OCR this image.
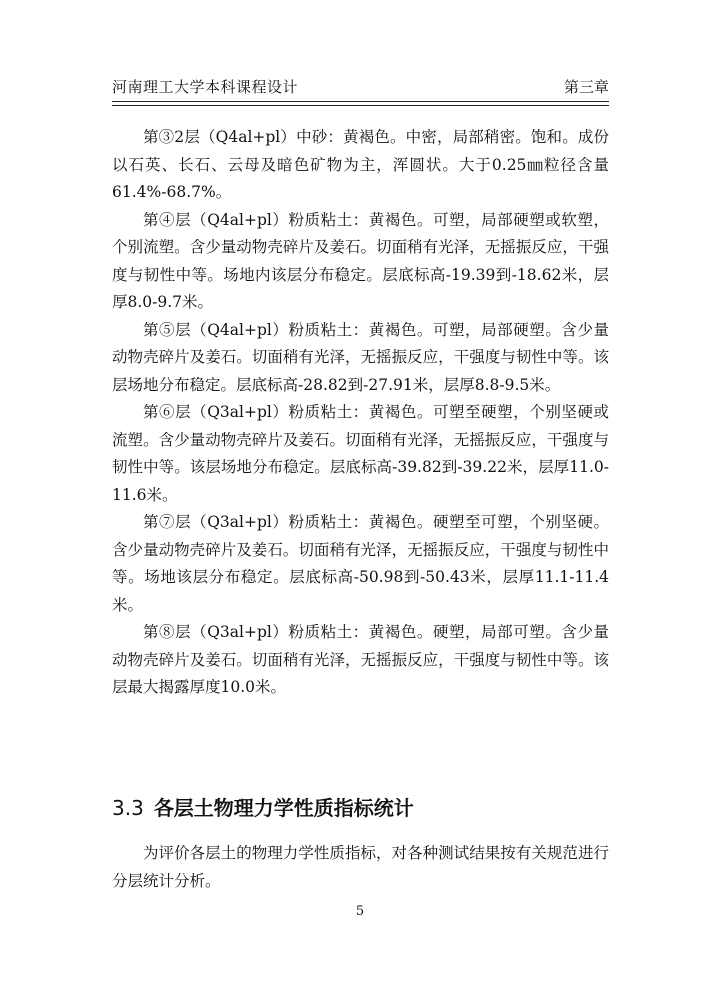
河南理工大学本科课程设计	第三章

第③2层（Q4al+pl）中砂：黄褐色。中密，局部稍密。饱和。成份以石英、长石、云母及暗色矿物为主，浑圆状。大于0.25㎜粒径含量61.4%-68.7%。

第④层（Q4al+pl）粉质粘土：黄褐色。可塑，局部硬塑或软塑，个别流塑。含少量动物壳碎片及姜石。切面稍有光泽，无摇振反应，干强度与韧性中等。场地内该层分布稳定。层底标高-19.39到-18.62米，层厚8.0-9.7米。

第⑤层（Q4al+pl）粉质粘土：黄褐色。可塑，局部硬塑。含少量动物壳碎片及姜石。切面稍有光泽，无摇振反应，干强度与韧性中等。该层场地分布稳定。层底标高-28.82到-27.91米，层厚8.8-9.5米。

第⑥层（Q3al+pl）粉质粘土：黄褐色。可塑至硬塑，个别坚硬或流塑。含少量动物壳碎片及姜石。切面稍有光泽，无摇振反应，干强度与韧性中等。该层场地分布稳定。层底标高-39.82到-39.22米，层厚11.0-11.6米。

第⑦层（Q3al+pl）粉质粘土：黄褐色。硬塑至可塑，个别坚硬。含少量动物壳碎片及姜石。切面稍有光泽，无摇振反应，干强度与韧性中等。场地该层分布稳定。层底标高-50.98到-50.43米，层厚11.1-11.4米。

第⑧层（Q3al+pl）粉质粘土：黄褐色。硬塑，局部可塑。含少量动物壳碎片及姜石。切面稍有光泽，无摇振反应，干强度与韧性中等。该层最大揭露厚度10.0米。

3.3 各层土物理力学性质指标统计

为评价各层土的物理力学性质指标，对各种测试结果按有关规范进行分层统计分析。

5
